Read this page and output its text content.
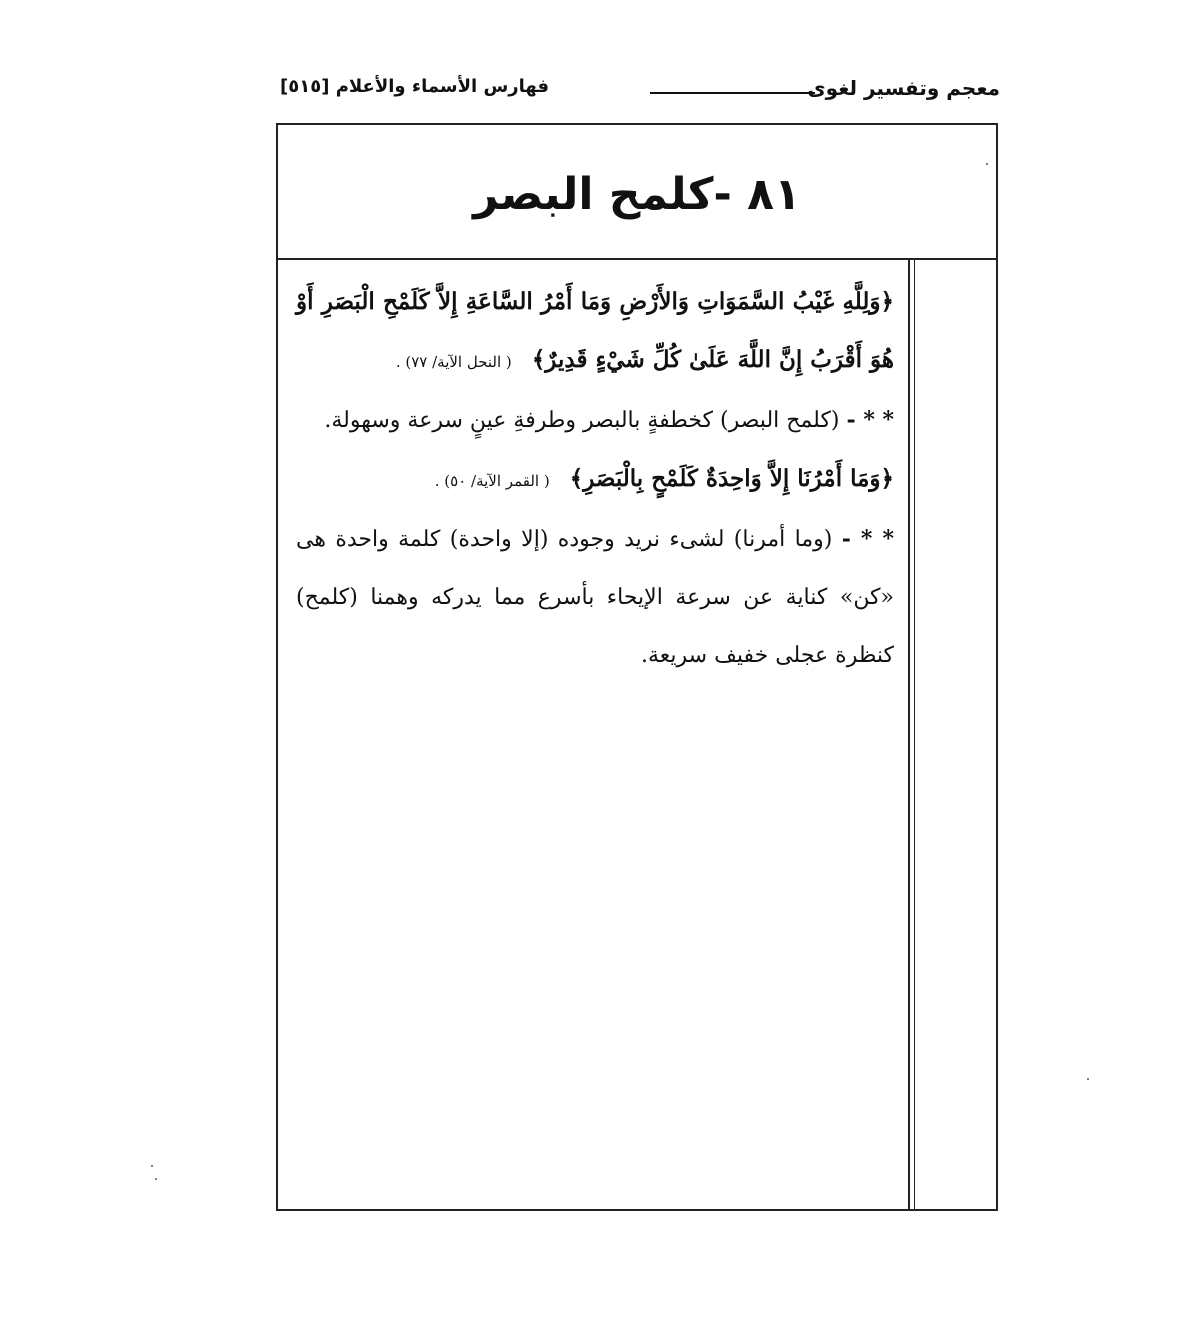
معجم وتفسير لغوى
فهارس الأسماء والأعلام [٥١٥]
٨١ -كلمح البصر

﴿وَلِلَّهِ غَيْبُ السَّمَوَاتِ وَالأَرْضِ وَمَا أَمْرُ السَّاعَةِ إِلاَّ كَلَمْحِ الْبَصَرِ أَوْ هُوَ أَقْرَبُ إِنَّ اللَّهَ عَلَىٰ كُلِّ شَيْءٍ قَدِيرٌ﴾ ( النحل الآية/ ٧٧) .

* * - (كلمح البصر) كخطفةٍ بالبصر وطرفةِ عينٍ سرعة وسهولة.

﴿وَمَا أَمْرُنَا إِلاَّ وَاحِدَةٌ كَلَمْحٍ بِالْبَصَرِ﴾ ( القمر الآية/ ٥٠) .

* * - (وما أمرنا) لشىء نريد وجوده (إلا واحدة) كلمة واحدة هى «كن» كناية عن سرعة الإيحاء بأسرع مما يدركه وهمنا (كلمح) كنظرة عجلى خفيف سريعة.
